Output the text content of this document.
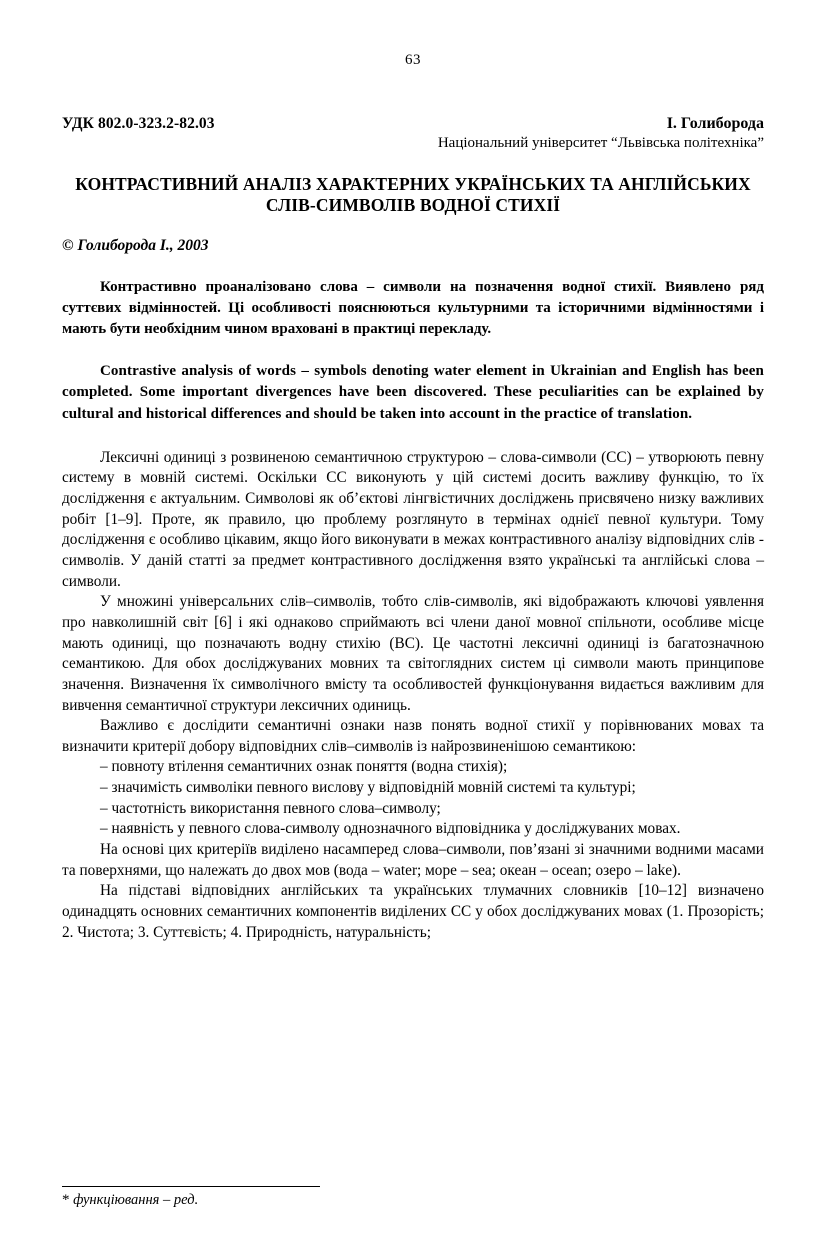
63
УДК 802.0-323.2-82.03	І. Голиборода
Національний університет “Львівська політехніка”
КОНТРАСТИВНИЙ АНАЛІЗ ХАРАКТЕРНИХ УКРАЇНСЬКИХ ТА АНГЛІЙСЬКИХ СЛІВ-СИМВОЛІВ ВОДНОЇ СТИХІЇ
© Голиборода І., 2003
Контрастивно проаналізовано слова – символи на позначення водної стихії. Виявлено ряд суттєвих відмінностей. Ці особливості пояснюються культурними та історичними відмінностями і мають бути необхідним чином враховані в практиці перекладу.
Contrastive analysis of words – symbols denoting water element in Ukrainian and English has been completed. Some important divergences have been discovered. These peculiarities can be explained by cultural and historical differences and should be taken into account in the practice of translation.

Лексичні одиниці з розвиненою семантичною структурою – слова-символи (СС) – утворюють певну систему в мовній системі. Оскільки СС виконують у цій системі досить важливу функцію, то їх дослідження є актуальним. Символові як об’єктові лінгвістичних досліджень присвячено низку важливих робіт [1–9]. Проте, як правило, цю проблему розглянуто в термінах однієї певної культури. Тому дослідження є особливо цікавим, якщо його виконувати в межах контрастивного аналізу відповідних слів - символів. У даній статті за предмет контрастивного дослідження взято українські та англійські слова – символи.

У множині універсальних слів–символів, тобто слів-символів, які відображають ключові уявлення про навколишній світ [6] і які однаково сприймають всі члени даної мовної спільноти, особливе місце мають одиниці, що позначають водну стихію (ВС). Це частотні лексичні одиниці із багатозначною семантикою. Для обох досліджуваних мовних та світоглядних систем ці символи мають принципове значення. Визначення їх символічного вмісту та особливостей функціонування видається важливим для вивчення семантичної структури лексичних одиниць.

Важливо є дослідити семантичні ознаки назв понять водної стихії у порівнюваних мовах та визначити критерії добору відповідних слів–символів із найрозвиненішою семантикою:

– повноту втілення семантичних ознак поняття (водна стихія);
– значимість символіки певного вислову у відповідній мовній системі та культурі;
– частотність використання певного слова–символу;
– наявність у певного слова-символу однозначного відповідника у досліджуваних мовах.

На основі цих критеріїв виділено насамперед слова–символи, пов’язані зі значними водними масами та поверхнями, що належать до двох мов (вода – water; море – sea; океан – ocean; озеро – lake).

На підставі відповідних англійських та українських тлумачних словників [10–12] визначено одинадцять основних семантичних компонентів виділених СС у обох досліджуваних мовах (1. Прозорість; 2. Чистота; 3. Суттєвість; 4. Природність, натуральність;

* функціювання – ред.
